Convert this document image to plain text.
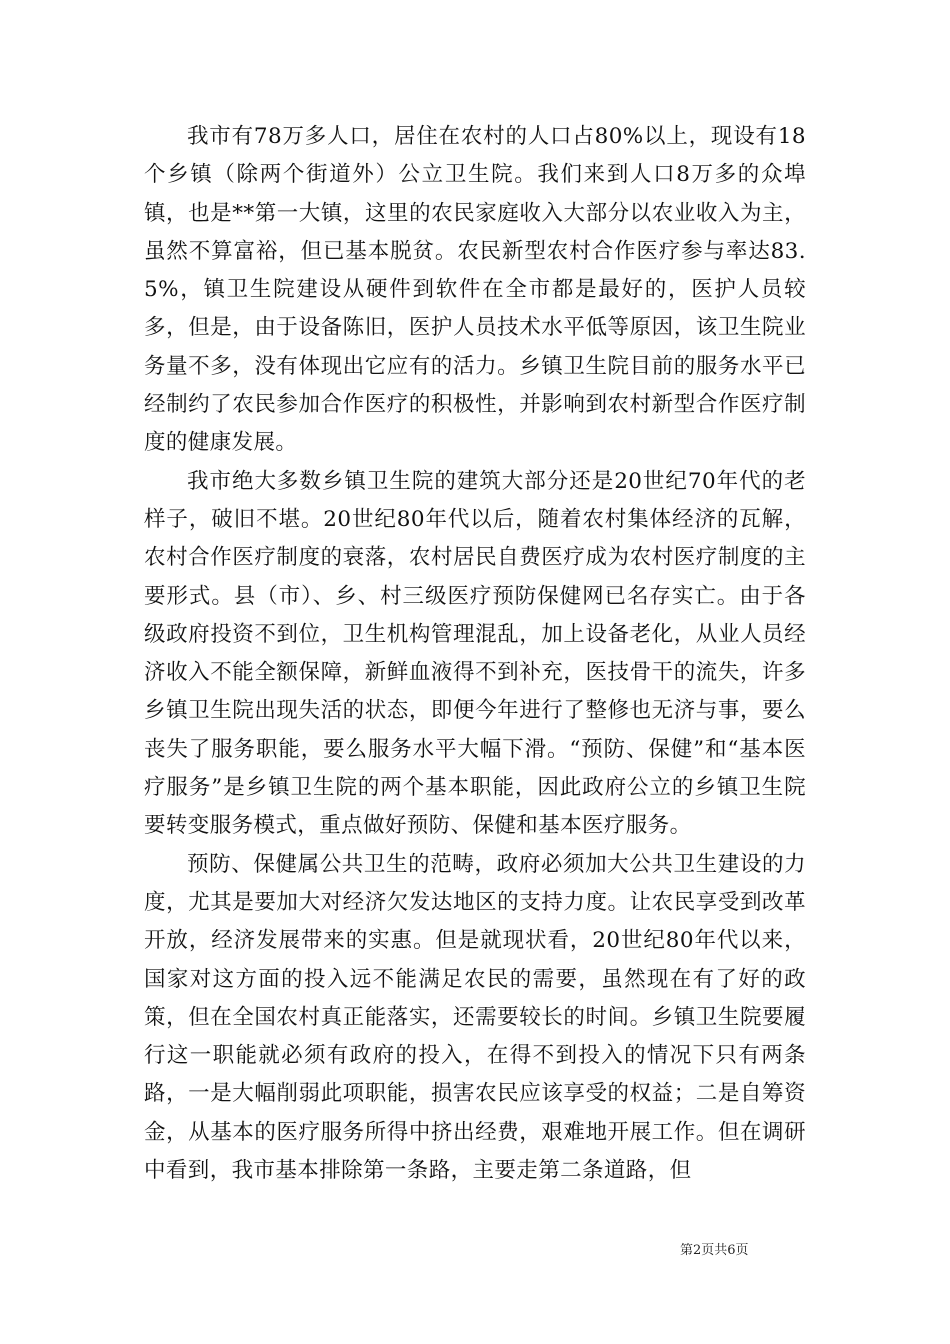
我市有78万多人口，居住在农村的人口占80%以上，现设有18个乡镇（除两个街道外）公立卫生院。我们来到人口8万多的众埠镇，也是**第一大镇，这里的农民家庭收入大部分以农业收入为主，虽然不算富裕，但已基本脱贫。农民新型农村合作医疗参与率达83.5%，镇卫生院建设从硬件到软件在全市都是最好的，医护人员较多，但是，由于设备陈旧，医护人员技术水平低等原因，该卫生院业务量不多，没有体现出它应有的活力。乡镇卫生院目前的服务水平已经制约了农民参加合作医疗的积极性，并影响到农村新型合作医疗制度的健康发展。

我市绝大多数乡镇卫生院的建筑大部分还是20世纪70年代的老样子，破旧不堪。20世纪80年代以后，随着农村集体经济的瓦解，农村合作医疗制度的衰落，农村居民自费医疗成为农村医疗制度的主要形式。县（市）、乡、村三级医疗预防保健网已名存实亡。由于各级政府投资不到位，卫生机构管理混乱，加上设备老化，从业人员经济收入不能全额保障，新鲜血液得不到补充，医技骨干的流失，许多乡镇卫生院出现失活的状态，即便今年进行了整修也无济与事，要么丧失了服务职能，要么服务水平大幅下滑。“预防、保健”和“基本医疗服务”是乡镇卫生院的两个基本职能，因此政府公立的乡镇卫生院要转变服务模式，重点做好预防、保健和基本医疗服务。

预防、保健属公共卫生的范畴，政府必须加大公共卫生建设的力度，尤其是要加大对经济欠发达地区的支持力度。让农民享受到改革开放，经济发展带来的实惠。但是就现状看，20世纪80年代以来，国家对这方面的投入远不能满足农民的需要，虽然现在有了好的政策，但在全国农村真正能落实，还需要较长的时间。乡镇卫生院要履行这一职能就必须有政府的投入，在得不到投入的情况下只有两条路，一是大幅削弱此项职能，损害农民应该享受的权益；二是自筹资金，从基本的医疗服务所得中挤出经费，艰难地开展工作。但在调研中看到，我市基本排除第一条路，主要走第二条道路，但

第2页共6页
